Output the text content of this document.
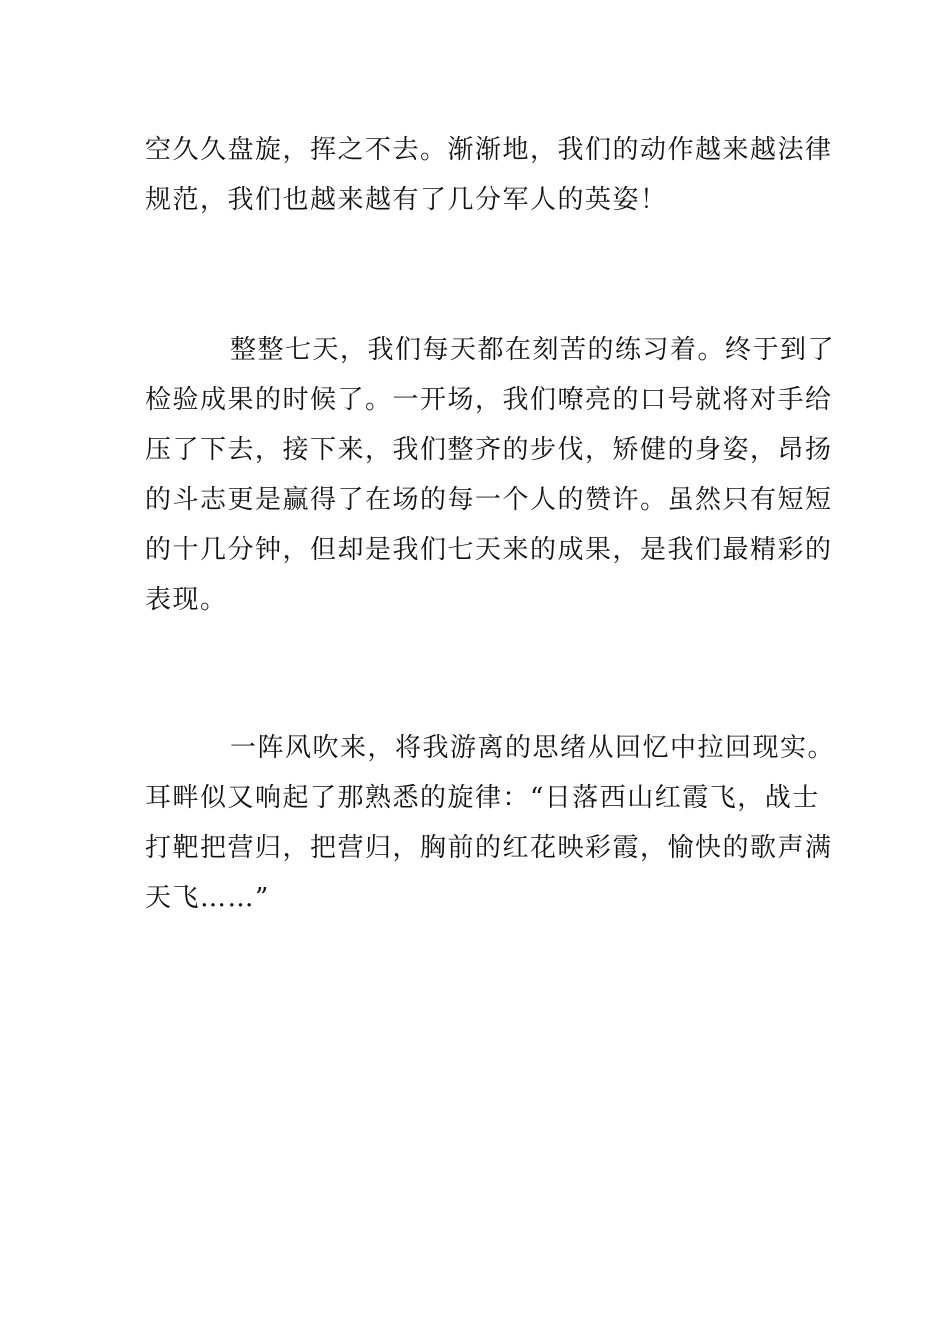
空久久盘旋，挥之不去。渐渐地，我们的动作越来越法律
规范，我们也越来越有了几分军人的英姿！
整整七天，我们每天都在刻苦的练习着。终于到了
检验成果的时候了。一开场，我们嘹亮的口号就将对手给
压了下去，接下来，我们整齐的步伐，矫健的身姿，昂扬
的斗志更是赢得了在场的每一个人的赞许。虽然只有短短
的十几分钟，但却是我们七天来的成果，是我们最精彩的
表现。
一阵风吹来，将我游离的思绪从回忆中拉回现实。
耳畔似又响起了那熟悉的旋律：“日落西山红霞飞，战士
打靶把营归，把营归，胸前的红花映彩霞，愉快的歌声满
天飞……”
